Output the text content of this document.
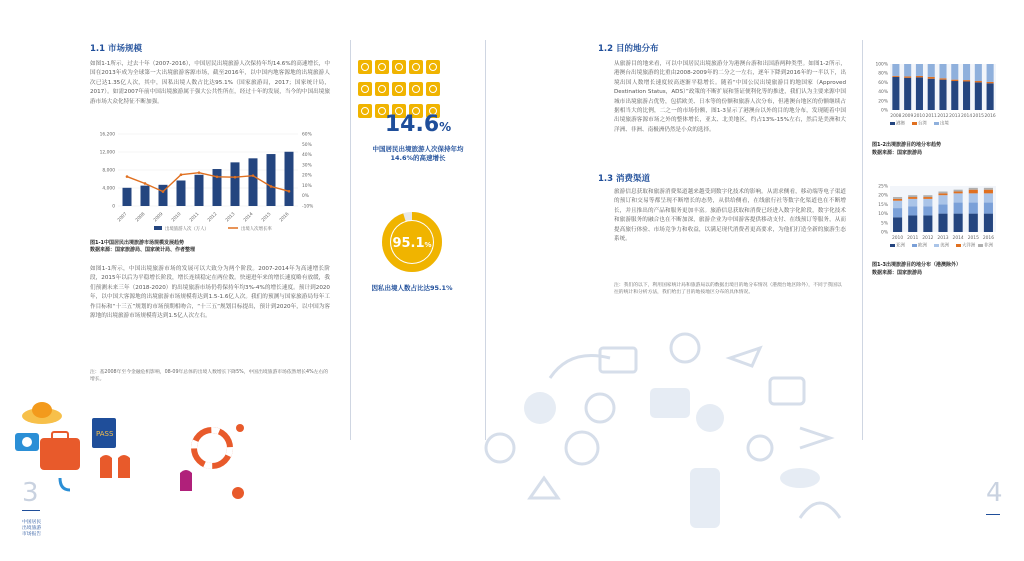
1.1 市场规模
如图1-1所示，过去十年（2007-2016），中国居民出境旅游人次保持年均14.6%的高速增长，中国在2013年成为全球第一大出境旅游客源市场，截至2016年，以中国内地客源地的出境旅游人次已达1.35亿人次，其中，因私出境人数占比达95.1%（国家旅游局，2017；国家统计局，2017）。如需2007年前中国出境旅游属于强大公共性所在，经过十年的发展，当今的中国出境旅游市场大众化特征不断加强。
16,200
12,000
8,000
4,000
0
60%
50%
40%
30%
20%
10%
0%
-10%
2007 2008 2009 2010 2011 2012 2013 2014 2015 2016
出境旅游人次（万人）	出境人次增长率
图1-1中国居民出境旅游市场规模发展趋势
数据来源：国家旅游局、国家统计局、作者整理
如图1-1所示，中国出境旅游市场的发展可以大致分为两个阶段。2007-2014年为高速增长阶段，2015年以后为平稳增长阶段，增长连续稳定在两位数。快速进年来的增长速度略有放缓，我们预测未来三年（2018-2020）的出境旅游市场仍将保持年均3%-4%的增长速度。预计到2020年，以中国大客源地的出境旅游市场规模将达到1.5-1.6亿人次。我们的预测与国家旅游局每年工作目标和“十三五”规划的市场预期相吻合，“十三五”规划目标提出，预计到2020年，以中国为客源地的出境旅游市场规模将达到1.5亿人次左右。
注：基2008年至今金融危机影响，08-09年总体的出境人数增长下降5%，中国出境旅游市场依然增长4%左右的增长。
PASS
3
中国居民
出境旅游
市场报告

14.6%
中国居民出境旅游人次保持年均14.6%的高速增长
95.1%
因私出境人数占比达95.1%
1.2 目的地分布
从旅游目的地来看，可以中国居民出境旅游分为港澳台游和出国游两种类型。如图1-2所示，港澳台出境旅游的比重由2008-2009年的二分之一左右，逐年下降到2016年的一半以下，出境出国人数增长速度较高逐渐平稳增长。随着“中国公民出境旅游目的地国家（Approved Destination Status，ADS）”政策的不断扩展和签证便利化等的推进，我们认为主要来源中国城市出境旅游占优势，包括欧美、日本等的份额和旅游人次分布，但港澳台地区的份额继续占据相当大的比例，二之一的市场份额，图1-3显示了港澳台以外的目的地分布，发现随着中国出境旅游客源市场之外的整体增长，亚太、北美地区，约占13%-15%左右，然后是美洲和大洋洲、非洲、南极洲仍然是小众的选择。
1.3 消费渠道
旅游信息获取和旅游消费渠道越来越受到数字化技术的影响。从需求侧看，移动端等电子渠道的预订和交易等都呈现不断增长的态势，从供给侧看，在线旅行社等数字化渠道也在不断增长，并且推出的产品和服务更加丰富。旅游信息获取和消费已经进入数字化阶段，数字化技术和旅游服务的融合也在不断加深，旅游企业为中国游客提供移动支付、在线预订等服务，从而提高旅行体验、市场竞争力和收益，以满足现代消费者更高要求，为他们打造全新的旅游生态系统。
注：我们的以下，利用国家统计局和旅游局以的数据出境目的地分布情况（港澳台地区除外），不同于我国以往的统计和分析方法，我们给出了目的地按地区分布的具体情况。
100%
80%
60%
40%
20%
0%
2008 2009 2010 2011 2012 2013 2014 2015 2016
港澳	台湾	出境
图1-2出境旅游目的地分布趋势
数据来源：国家旅游局
25%
20%
15%
10%
5%
0%
2010 2011 2012 2013 2014 2015 2016
亚洲	欧洲	美洲	大洋洲 非洲
图1-3出境旅游目的地分布（港澳除外）
数据来源：国家旅游局
4
